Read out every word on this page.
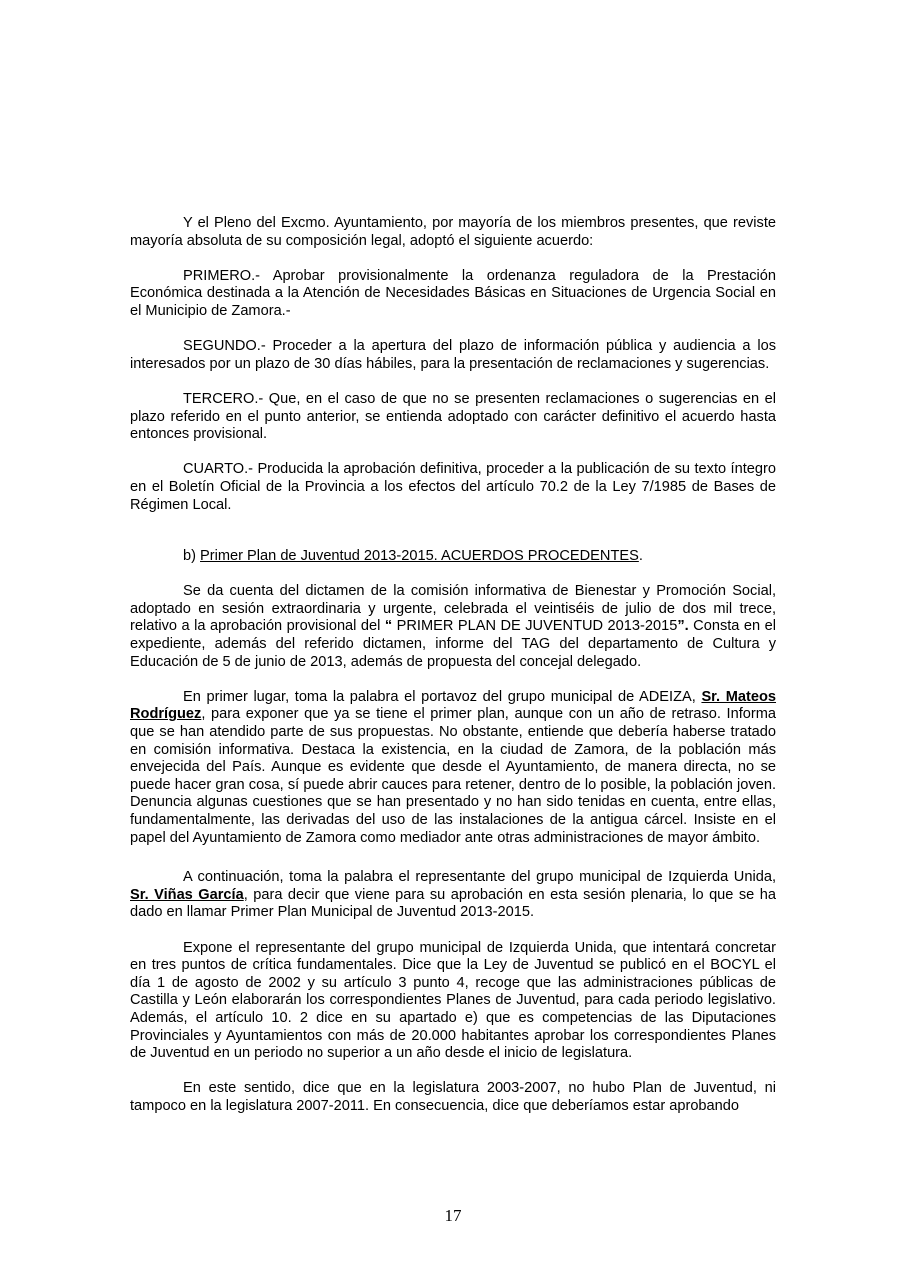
Y el Pleno del Excmo. Ayuntamiento, por mayoría de los miembros presentes, que reviste mayoría absoluta de su composición legal, adoptó el siguiente acuerdo:

PRIMERO.- Aprobar provisionalmente la ordenanza reguladora de la Prestación Económica destinada a la Atención de Necesidades Básicas en Situaciones de Urgencia Social en el Municipio de Zamora.-

SEGUNDO.- Proceder a la apertura del plazo de información pública y audiencia a los interesados por un plazo de 30 días hábiles, para la presentación de reclamaciones y sugerencias.

TERCERO.- Que, en el caso de que no se presenten reclamaciones o sugerencias en el plazo referido en el punto anterior, se entienda adoptado con carácter definitivo el acuerdo hasta entonces provisional.

CUARTO.- Producida la aprobación definitiva, proceder a la publicación de su texto íntegro en el Boletín Oficial de la Provincia a los efectos del artículo 70.2 de la Ley 7/1985 de Bases de Régimen Local.

b) Primer Plan de Juventud 2013-2015. ACUERDOS PROCEDENTES.

Se da cuenta del dictamen de la comisión informativa de Bienestar y Promoción Social, adoptado en sesión extraordinaria y urgente, celebrada el veintiséis de julio de dos mil trece, relativo a la aprobación provisional del “ PRIMER PLAN DE JUVENTUD 2013-2015”. Consta en el expediente, además del referido dictamen, informe del TAG del departamento de Cultura y Educación de 5 de junio de 2013, además de propuesta del concejal delegado.

En primer lugar, toma la palabra el portavoz del grupo municipal de ADEIZA, Sr. Mateos Rodríguez, para exponer que ya se tiene el primer plan, aunque con un año de retraso. Informa que se han atendido parte de sus propuestas. No obstante, entiende que debería haberse tratado en comisión informativa. Destaca la existencia, en la ciudad de Zamora, de la población más envejecida del País. Aunque es evidente que desde el Ayuntamiento, de manera directa, no se puede hacer gran cosa, sí puede abrir cauces para retener, dentro de lo posible, la población joven. Denuncia algunas cuestiones que se han presentado y no han sido tenidas en cuenta, entre ellas, fundamentalmente, las derivadas del uso de las instalaciones de la antigua cárcel. Insiste en el papel del Ayuntamiento de Zamora como mediador ante otras administraciones de mayor ámbito.

A continuación, toma la palabra el representante del grupo municipal de Izquierda Unida, Sr. Viñas García, para decir que viene para su aprobación en esta sesión plenaria, lo que se ha dado en llamar Primer Plan Municipal de Juventud 2013-2015.

Expone el representante del grupo municipal de Izquierda Unida, que intentará concretar en tres puntos de crítica fundamentales. Dice que la Ley de Juventud se publicó en el BOCYL el día 1 de agosto de 2002 y su artículo 3 punto 4, recoge que las administraciones públicas de Castilla y León elaborarán los correspondientes Planes de Juventud, para cada periodo legislativo. Además, el artículo 10. 2 dice en su apartado e) que es competencias de las Diputaciones Provinciales y Ayuntamientos con más de 20.000 habitantes aprobar los correspondientes Planes de Juventud en un periodo no superior a un año desde el inicio de legislatura.

En este sentido, dice que en la legislatura 2003-2007, no hubo Plan de Juventud, ni tampoco en la legislatura 2007-2011. En consecuencia, dice que deberíamos estar aprobando

17
